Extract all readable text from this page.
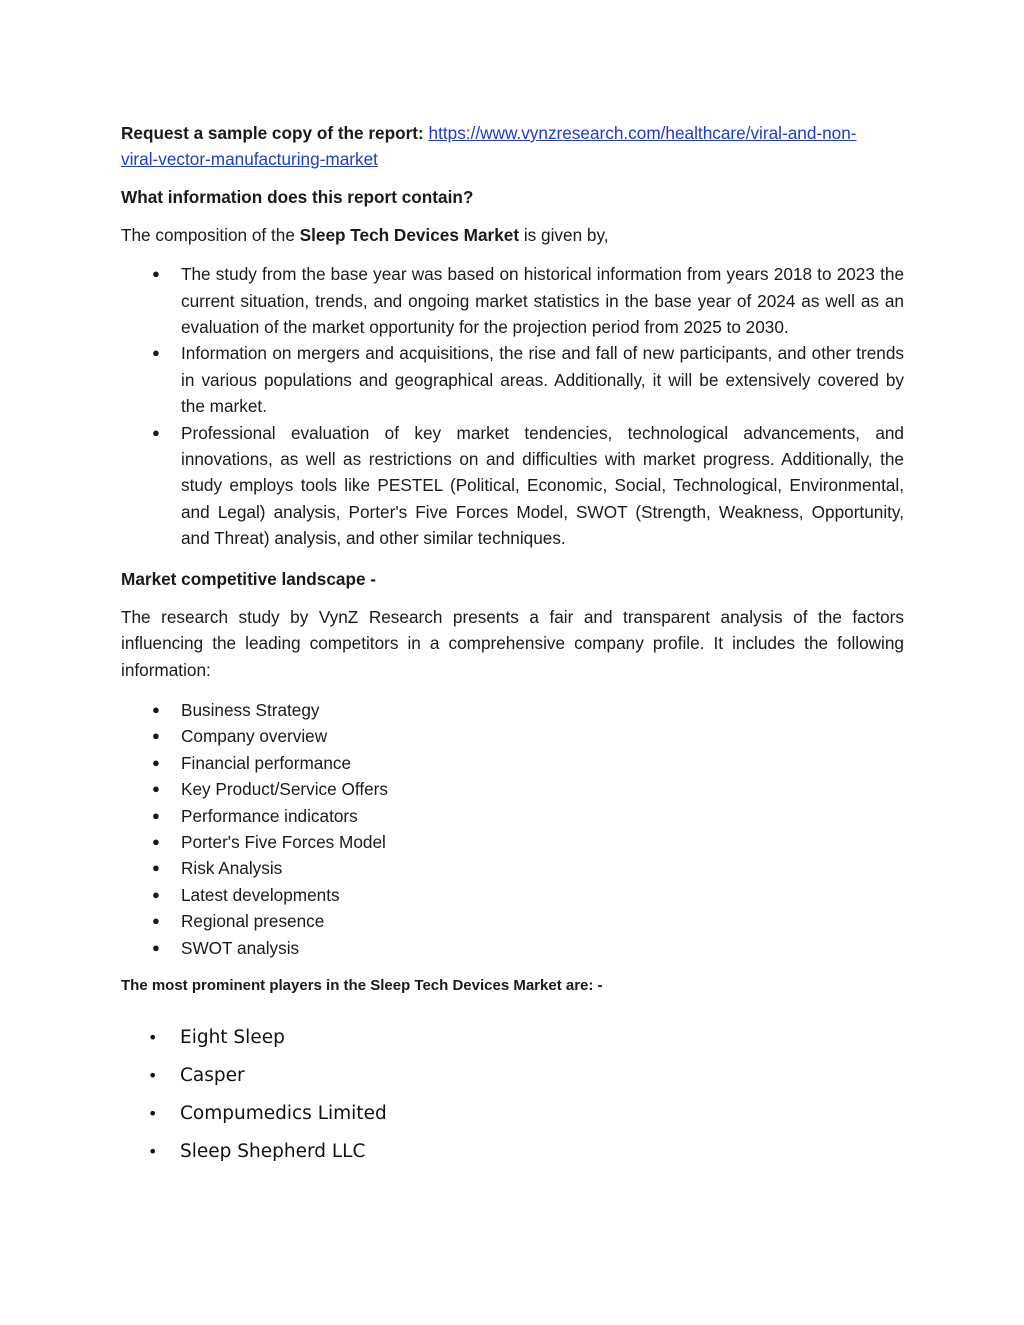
Request a sample copy of the report: https://www.vynzresearch.com/healthcare/viral-and-non-
viral-vector-manufacturing-market

What information does this report contain?

The composition of the Sleep Tech Devices Market is given by,

● The study from the base year was based on historical information from years 2018 to 2023 the current situation, trends, and ongoing market statistics in the base year of 2024 as well as an evaluation of the market opportunity for the projection period from 2025 to 2030.
● Information on mergers and acquisitions, the rise and fall of new participants, and other trends in various populations and geographical areas. Additionally, it will be extensively covered by the market.
● Professional evaluation of key market tendencies, technological advancements, and innovations, as well as restrictions on and difficulties with market progress. Additionally, the study employs tools like PESTEL (Political, Economic, Social, Technological, Environmental, and Legal) analysis, Porter's Five Forces Model, SWOT (Strength, Weakness, Opportunity, and Threat) analysis, and other similar techniques.

Market competitive landscape -

The research study by VynZ Research presents a fair and transparent analysis of the factors influencing the leading competitors in a comprehensive company profile. It includes the following information:

● Business Strategy
● Company overview
● Financial performance
● Key Product/Service Offers
● Performance indicators
● Porter's Five Forces Model
● Risk Analysis
● Latest developments
● Regional presence
● SWOT analysis

The most prominent players in the Sleep Tech Devices Market are: -

• Eight Sleep
• Casper
• Compumedics Limited
• Sleep Shepherd LLC
